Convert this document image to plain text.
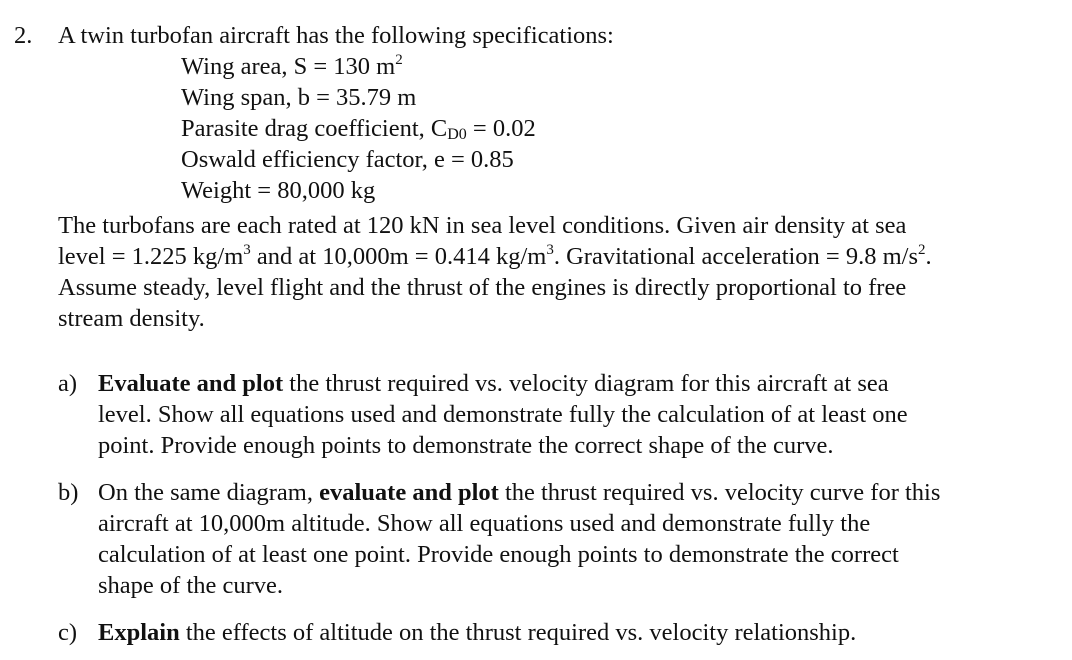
2. A twin turbofan aircraft has the following specifications:
Wing area, S = 130 $m^2$
Wing span, b = 35.79 m
Parasite drag coefficient, CD0 = 0.02
Oswald efficiency factor, e = 0.85
Weight = 80,000 kg
The turbofans are each rated at 120 kN in sea level conditions. Given air density at sea
level = 1.225 $kg/m^3$ and at 10,000m = 0.414 $kg/m^3$. Gravitational acceleration = 9.8 $m/s^2$.
Assume steady, level flight and the thrust of the engines is directly proportional to free
stream density.
a) Evaluate and plot the thrust required vs. velocity diagram for this aircraft at sea
level. Show all equations used and demonstrate fully the calculation of at least one
point. Provide enough points to demonstrate the correct shape of the curve.
b) On the same diagram, evaluate and plot the thrust required vs. velocity curve for this
aircraft at 10,000m altitude. Show all equations used and demonstrate fully the
calculation of at least one point. Provide enough points to demonstrate the correct
shape of the curve.
c) Explain the effects of altitude on the thrust required vs. velocity relationship.
